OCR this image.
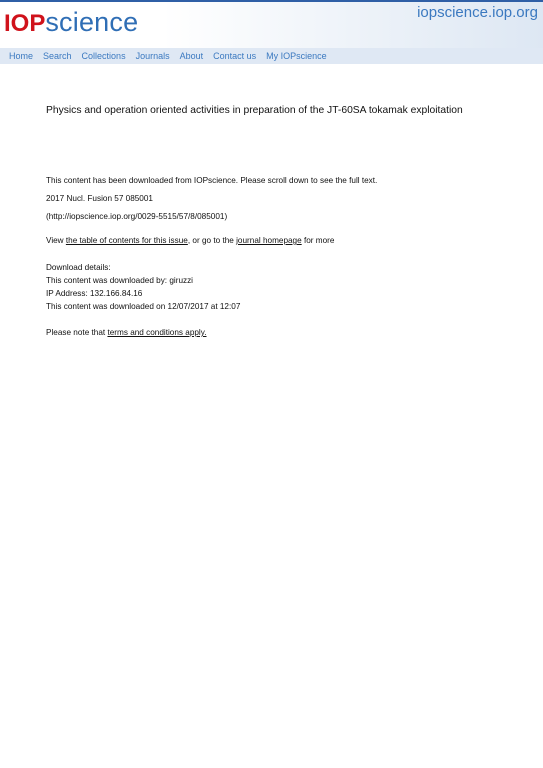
IOPscience	iopscience.iop.org
Home Search Collections Journals About Contact us My IOPscience
Physics and operation oriented activities in preparation of the JT-60SA tokamak exploitation
This content has been downloaded from IOPscience. Please scroll down to see the full text.
2017 Nucl. Fusion 57 085001
(http://iopscience.iop.org/0029-5515/57/8/085001)
View the table of contents for this issue, or go to the journal homepage for more
Download details:
This content was downloaded by: giruzzi
IP Address: 132.166.84.16
This content was downloaded on 12/07/2017 at 12:07
Please note that terms and conditions apply.
